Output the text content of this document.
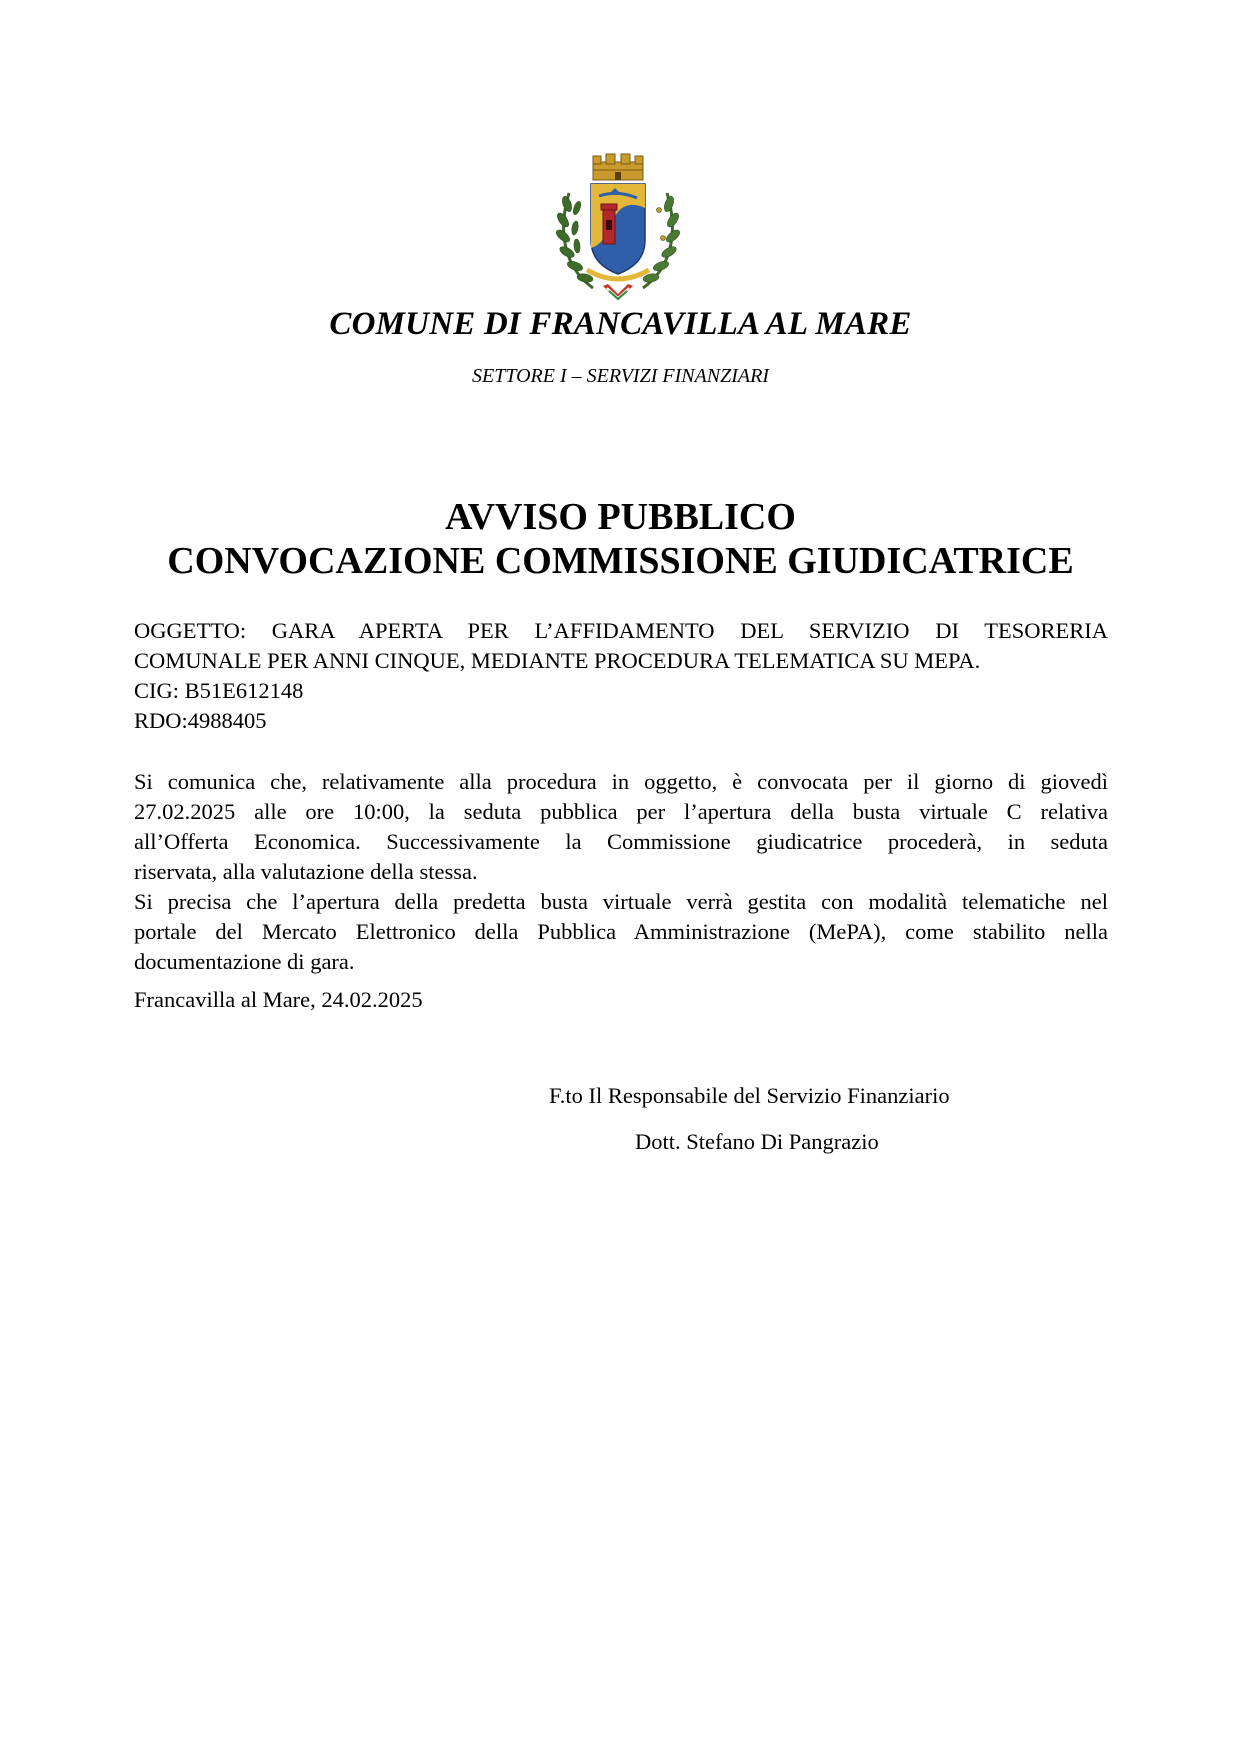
COMUNE DI FRANCAVILLA AL MARE
SETTORE I – SERVIZI FINANZIARI
AVVISO PUBBLICO
CONVOCAZIONE COMMISSIONE GIUDICATRICE
OGGETTO: GARA APERTA PER L’AFFIDAMENTO DEL SERVIZIO DI TESORERIA
COMUNALE PER ANNI CINQUE, MEDIANTE PROCEDURA TELEMATICA SU MEPA.
CIG: B51E612148
RDO:4988405
Si comunica che, relativamente alla procedura in oggetto, è convocata per il giorno di giovedì
27.02.2025 alle ore 10:00, la seduta pubblica per l’apertura della busta virtuale C relativa
all’Offerta Economica. Successivamente la Commissione giudicatrice procederà, in seduta
riservata, alla valutazione della stessa.
Si precisa che l’apertura della predetta busta virtuale verrà gestita con modalità telematiche nel
portale del Mercato Elettronico della Pubblica Amministrazione (MePA), come stabilito nella
documentazione di gara.
Francavilla al Mare, 24.02.2025
F.to Il Responsabile del Servizio Finanziario
Dott. Stefano Di Pangrazio
